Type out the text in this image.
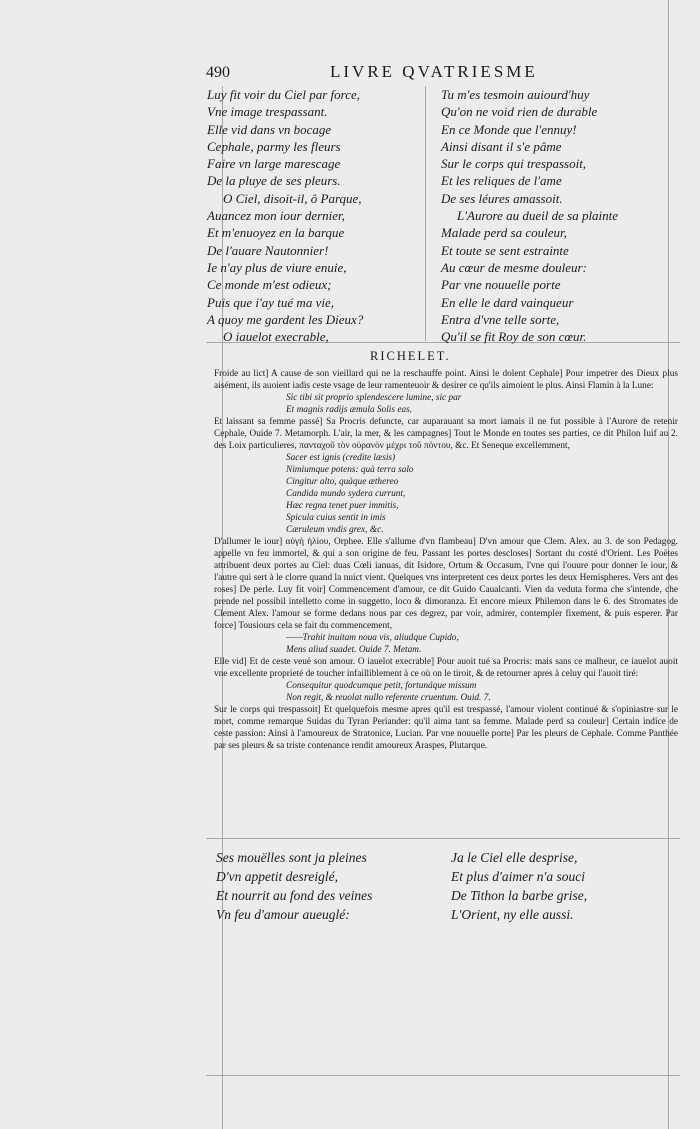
490	LIVRE QVATRIESME
Luy fit voir du Ciel par force,
Vne image trespassant.
Elle vid dans vn bocage
Cephale, parmy les fleurs
Faire vn large marescage
De la pluye de ses pleurs.
O Ciel, disoit-il, ô Parque,
Auancez mon iour dernier,
Et m'enuoyez en la barque
De l'auare Nautonnier!
Ie n'ay plus de viure enuie,
Ce monde m'est odieux;
Puis que i'ay tué ma vie,
A quoy me gardent les Dieux?
O iauelot execrable,
Tu m'es tesmoin auiourd'huy
Qu'on ne void rien de durable
En ce Monde que l'ennuy!
Ainsi disant il s'e pâme
Sur le corps qui trespassoit,
Et les reliques de l'ame
De ses léures amassoit.
L'Aurore au dueil de sa plainte
Malade perd sa couleur,
Et toute se sent estrainte
Au cœur de mesme douleur:
Par vne nouuelle porte
En elle le dard vainqueur
Entra d'vne telle sorte,
Qu'il se fit Roy de son cœur.
RICHELET.

Froide au lict] A cause de son vieillard qui ne la reschauffe point. Ainsi le dolent Cephale] Pour impetrer des Dieux plus aisément, ils auoient iadis ceste vsage de leur ramenteuoir & desirer ce qu'ils aimoient le plus. Ainsi Flamin à la Lune:

Sic tibi sit proprio splendescere lumine, sic par

Et magnis radijs æmula Solis eas.

Et laissant sa femme passé] Sa Procris defuncte, car auparauant sa mort iamais il ne fut possible à l'Aurore de retenir Cephale, Ouide 7. Metamorph. L'air, la mer, & les campagnes] Tout le Monde en toutes ses parties, ce dit Philon Iuif au 2. des Loix particulieres, πανταχοῦ τὸν οὐρανὸν μέχρι τοῦ πόντου, &c. Et Seneque excellemment,

Sacer est ignis (credite læsis)

Nimiumque potens: quà terra salo

Cingitur alto, quàque æthereo

Candida mundo sydera currunt,

Hæc regna tenet puer immitis,

Spicula cuius sentit in imis

Cæruleum vndis grex, &c.

D'allumer le iour] αὐγὴ ἡλίου, Orphee. Elle s'allume d'vn flambeau] D'vn amour que Clem. Alex. au 3. de son Pedagog. appelle vn feu immortel, & qui a son origine de feu. Passant les portes descloses] Sortant du costé d'Orient. Les Poëtes attribuent deux portes au Ciel: duas Cœli ianuas, dit Isidore, Ortum & Occasum, l'vne qui l'ouure pour donner le iour, & l'autre qui sert à le clorre quand la nuict vient. Quelques vns interpretent ces deux portes les deux Hemispheres. Vers ant des roses] De perle. Luy fit voir] Commencement d'amour, ce dit Guido Caualcanti. Vien da veduta forma che s'intende, che prende nel possibil intelletto come in suggetto, loco & dimoranza. Et encore mieux Philemon dans le 6. des Stromates de Clement Alex. l'amour se forme dedans nous par ces degrez, par voir, admirer, contempler fixement, & puis esperer. Par force] Tousiours cela se fait du commencement,

——Trahit inuitam noua vis, aliudque Cupido,

Mens aliud suadet. Ouide 7. Metam.

Elle vid] Et de ceste veuë son amour. O iauelot execrable] Pour auoit tué sa Procris: mais sans ce malheur, ce iauelot auoit vne excellente proprieté de toucher infailliblement à ce où on le tiroit, & de retourner apres à celuy qui l'auoit tiré:

Consequitur quodcumque petit, fortunáque missum

Non regit, & reuolat nullo referente cruentum. Ouid. 7.

Sur le corps qui trespassoit] Et quelquefois mesme apres qu'il est trespassé, l'amour violent continué & s'opiniastre sur le mort, comme remarque Suidas du Tyran Periander: qu'il aima tant sa femme. Malade perd sa couleur] Certain indice de ceste passion: Ainsi à l'amoureux de Stratonice, Lucian. Par vne nouuelle porte] Par les pleurs de Cephale. Comme Panthée par ses pleurs & sa triste contenance rendit amoureux Araspes, Plutarque.

Ses mouëlles sont ja pleines
D'vn appetit desreiglé,
Et nourrit au fond des veines
Vn feu d'amour aueuglé:
Ja le Ciel elle desprise,
Et plus d'aimer n'a souci
De Tithon la barbe grise,
L'Orient, ny elle aussi.
